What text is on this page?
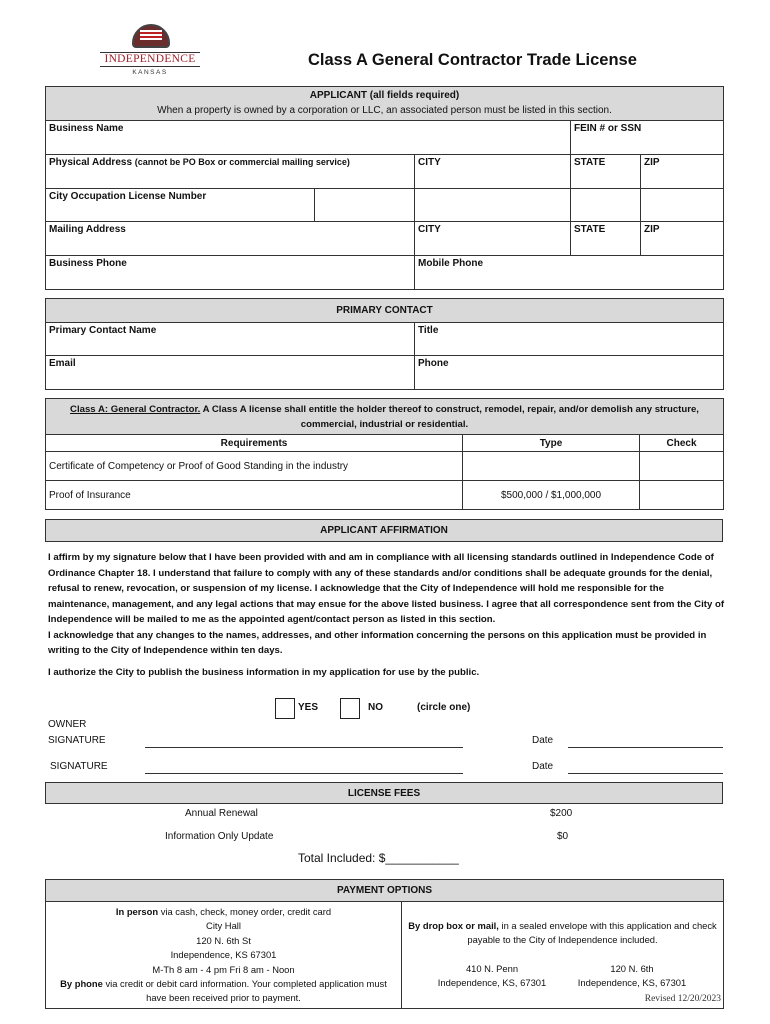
INDEPENDENCE
KANSAS
Class A General Contractor Trade License
APPLICANT (all fields required)
When a property is owned by a corporation or LLC, an associated person must be listed in this section.				

Business Name			FEIN # or SSN	
Physical Address (cannot be PO Box or commercial mailing service)		CITY	STATE	ZIP
City Occupation License Number				
Mailing Address		CITY	STATE	ZIP
Business Phone		Mobile Phone		
PRIMARY CONTACT	
Primary Contact Name	Title
Email	Phone
Class A: General Contractor. A Class A license shall entitle the holder thereof to construct, remodel, repair, and/or demolish any structure,
commercial, industrial or residential.		

Requirements	Type	Check
Certificate of Competency or Proof of Good Standing in the industry		
Proof of Insurance	$500,000 / $1,000,000	
APPLICANT AFFIRMATION

I affirm by my signature below that I have been provided with and am in compliance with all licensing standards outlined in Independence Code of Ordinance Chapter 18. I understand that failure to comply with any of these standards and/or conditions shall be adequate grounds for the denial, refusal to renew, revocation, or suspension of my license. I acknowledge that the City of Independence will hold me responsible for the maintenance, management, and any legal actions that may ensue for the above listed business. I agree that all correspondence sent from the City of Independence will be mailed to me as the appointed agent/contact person as listed in this section.

I acknowledge that any changes to the names, addresses, and other information concerning the persons on this application must be provided in writing to the City of Independence within ten days.

I authorize the City to publish the business information in my application for use by the public.

YES	NO	(circle one)
OWNER
SIGNATURE	Date
SIGNATURE	Date
LICENSE FEES
Annual Renewal	$200
Information Only Update	$0
Total Included: $___________
PAYMENT OPTIONS

In person via cash, check, money order, credit card
City Hall
120 N. 6th St
Independence, KS 67301
M-Th 8 am - 4 pm Fri 8 am - Noon
By phone via credit or debit card information. Your completed application must
have been received prior to payment.

By drop box or mail, in a sealed envelope with this application and check
payable to the City of Independence included.
410 N. Penn
Independence, KS, 67301
120 N. 6th
Independence, KS, 67301
Revised 12/20/2023
